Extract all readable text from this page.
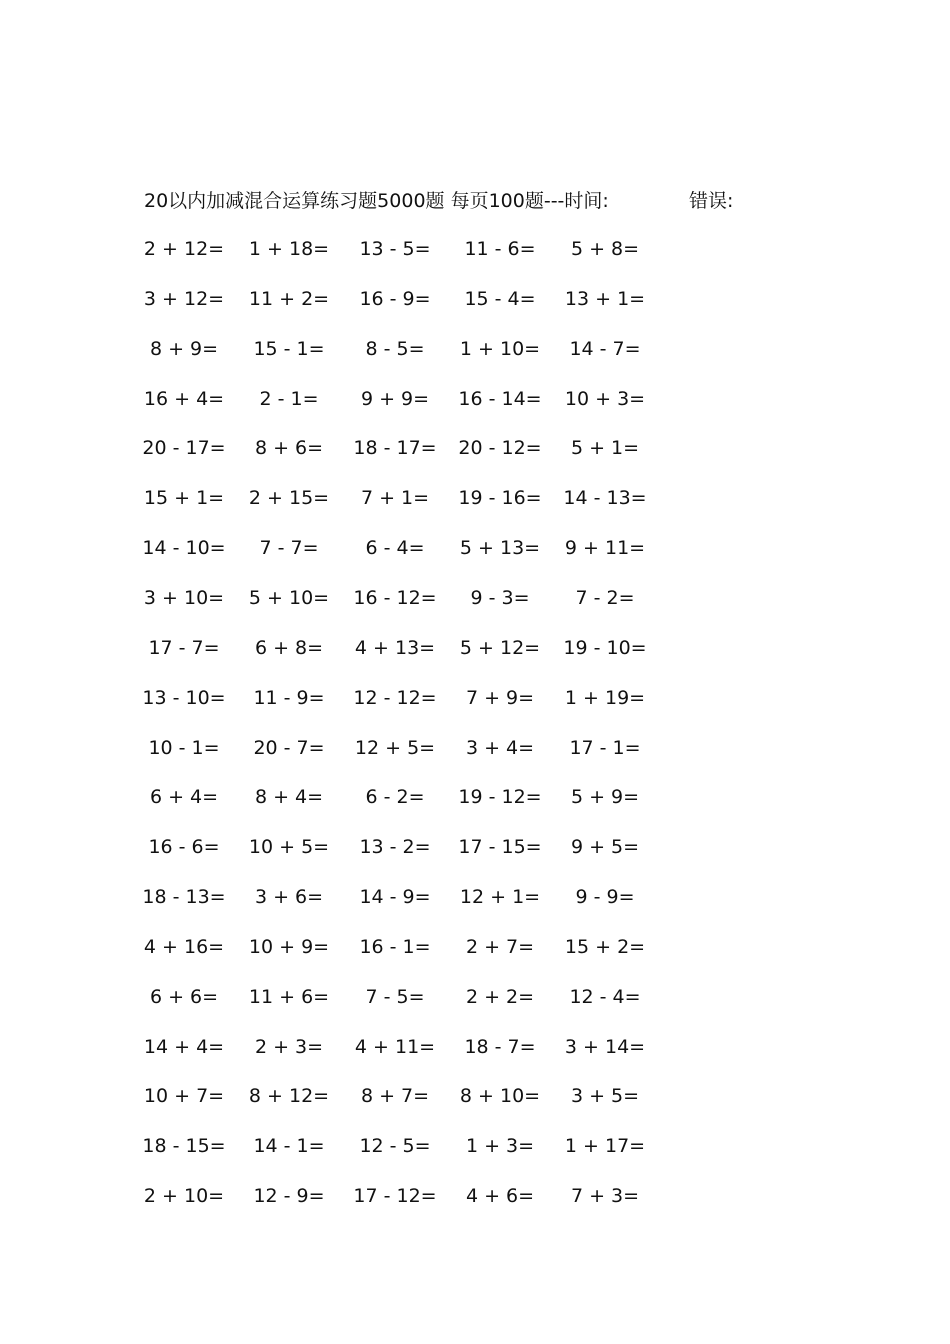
20以内加减混合运算练习题5000题 每页100题---时间:	错误:
2 + 12=	1 + 18=	13 - 5=	11 - 6=	5 + 8=
3 + 12=	11 + 2=	16 - 9=	15 - 4=	13 + 1=
8 + 9=	15 - 1=	8 - 5=	1 + 10=	14 - 7=
16 + 4=	2 - 1=	9 + 9=	16 - 14=	10 + 3=
20 - 17=	8 + 6=	18 - 17=	20 - 12=	5 + 1=
15 + 1=	2 + 15=	7 + 1=	19 - 16=	14 - 13=
14 - 10=	7 - 7=	6 - 4=	5 + 13=	9 + 11=
3 + 10=	5 + 10=	16 - 12=	9 - 3=	7 - 2=
17 - 7=	6 + 8=	4 + 13=	5 + 12=	19 - 10=
13 - 10=	11 - 9=	12 - 12=	7 + 9=	1 + 19=
10 - 1=	20 - 7=	12 + 5=	3 + 4=	17 - 1=
6 + 4=	8 + 4=	6 - 2=	19 - 12=	5 + 9=
16 - 6=	10 + 5=	13 - 2=	17 - 15=	9 + 5=
18 - 13=	3 + 6=	14 - 9=	12 + 1=	9 - 9=
4 + 16=	10 + 9=	16 - 1=	2 + 7=	15 + 2=
6 + 6=	11 + 6=	7 - 5=	2 + 2=	12 - 4=
14 + 4=	2 + 3=	4 + 11=	18 - 7=	3 + 14=
10 + 7=	8 + 12=	8 + 7=	8 + 10=	3 + 5=
18 - 15=	14 - 1=	12 - 5=	1 + 3=	1 + 17=
2 + 10=	12 - 9=	17 - 12=	4 + 6=	7 + 3=
